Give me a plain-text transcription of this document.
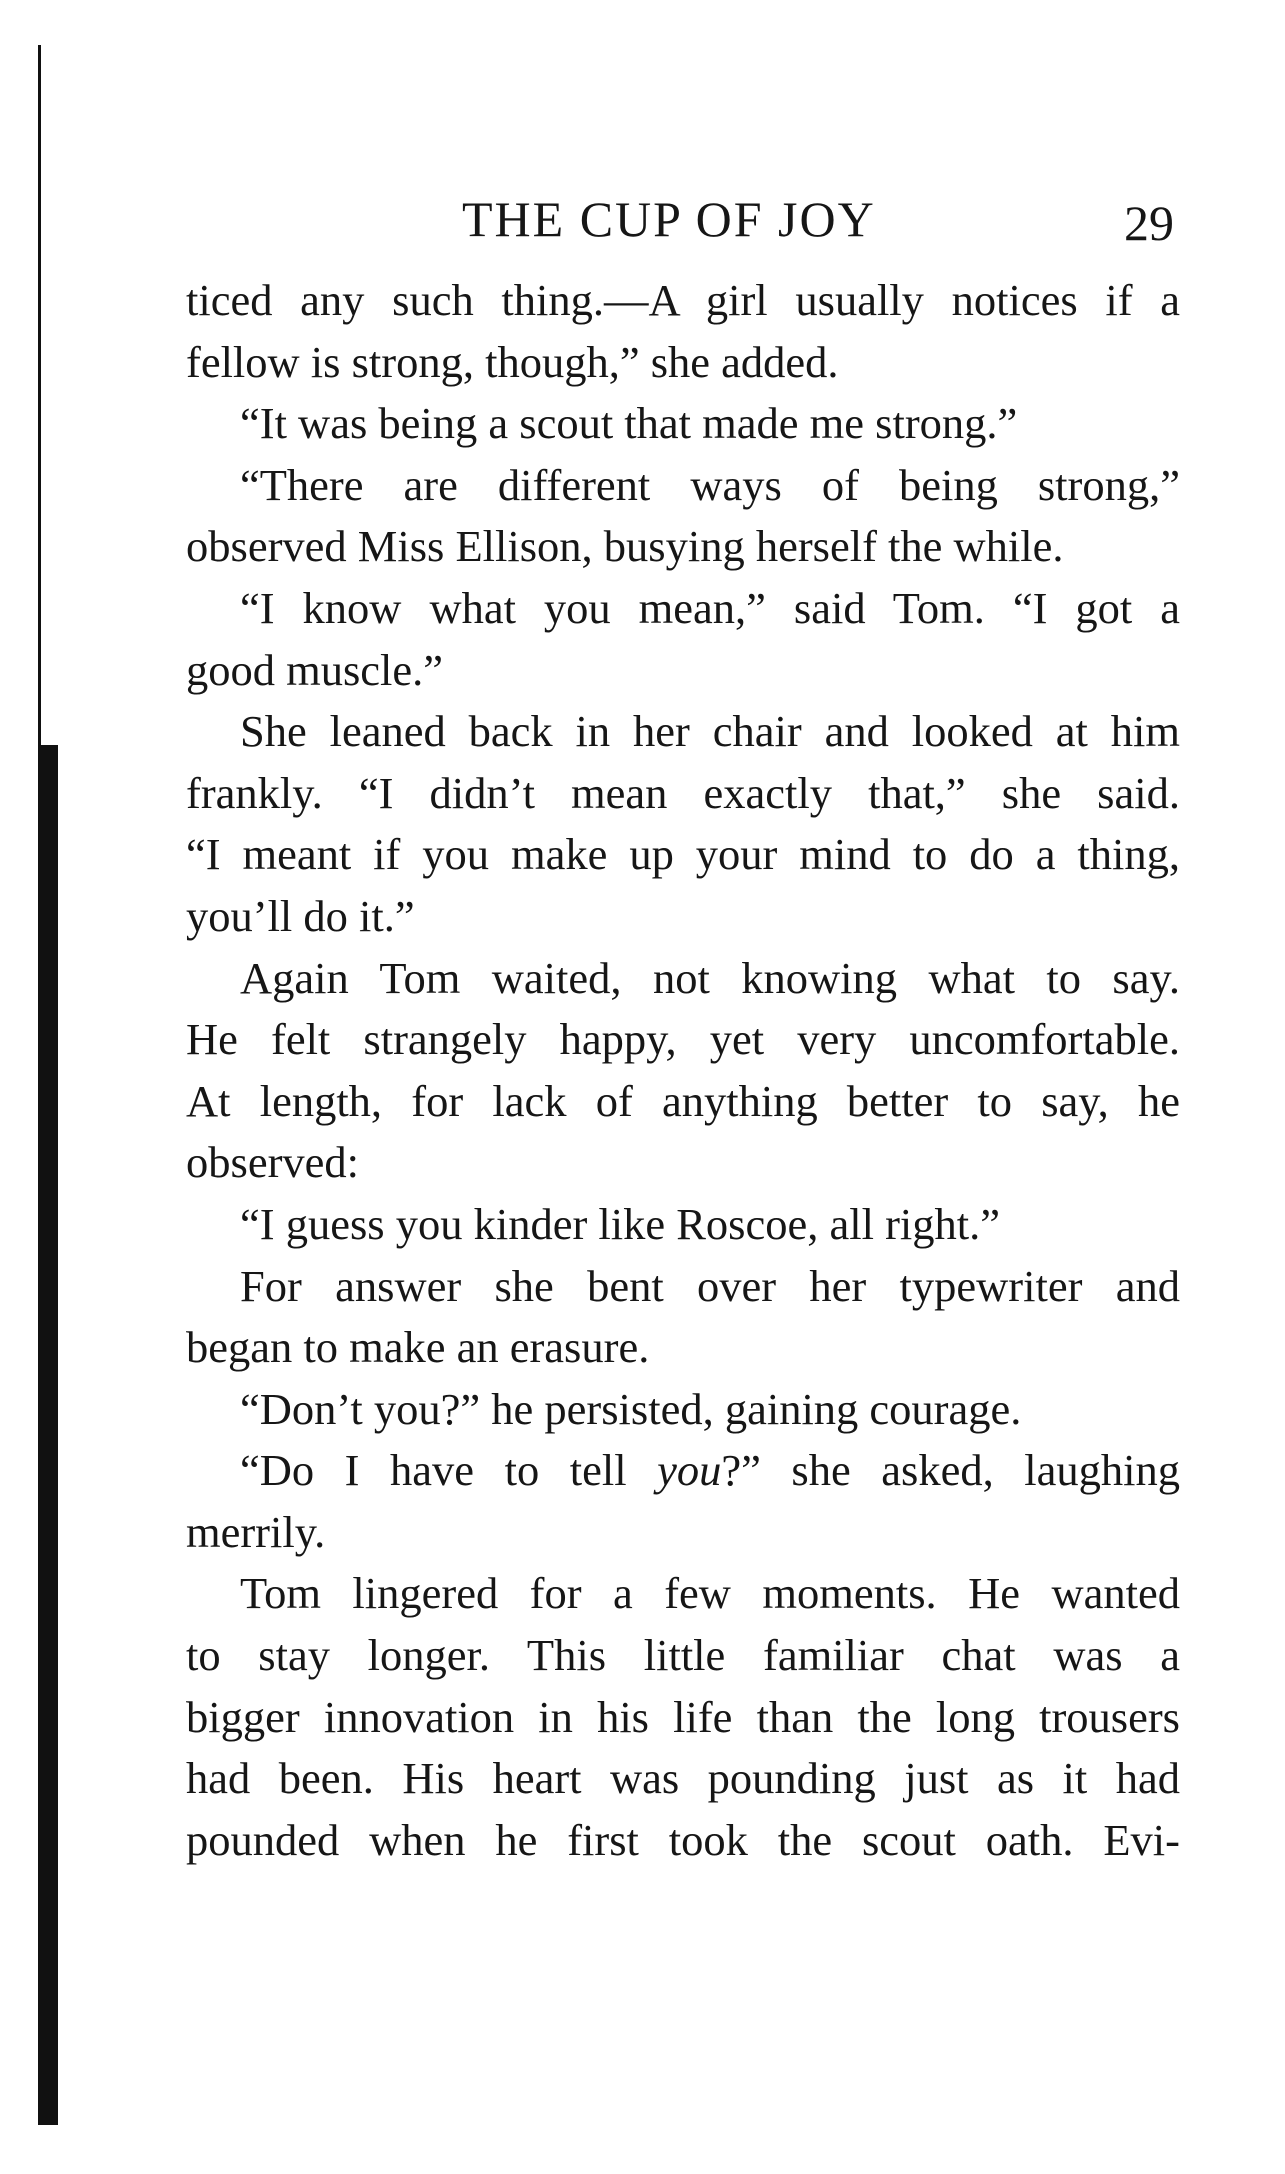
THE CUP OF JOY	29
ticed any such thing.—A girl usually notices if a
fellow is strong, though,” she added.
“It was being a scout that made me strong.”
“There are different ways of being strong,”
observed Miss Ellison, busying herself the while.
“I know what you mean,” said Tom. “I got a
good muscle.”
She leaned back in her chair and looked at him
frankly. “I didn’t mean exactly that,” she said.
“I meant if you make up your mind to do a thing,
you’ll do it.”
Again Tom waited, not knowing what to say.
He felt strangely happy, yet very uncomfortable.
At length, for lack of anything better to say, he
observed:
“I guess you kinder like Roscoe, all right.”
For answer she bent over her typewriter and
began to make an erasure.
“Don’t you?” he persisted, gaining courage.
“Do I have to tell you?” she asked, laughing
merrily.
Tom lingered for a few moments. He wanted
to stay longer. This little familiar chat was a
bigger innovation in his life than the long trousers
had been. His heart was pounding just as it had
pounded when he first took the scout oath. Evi-
